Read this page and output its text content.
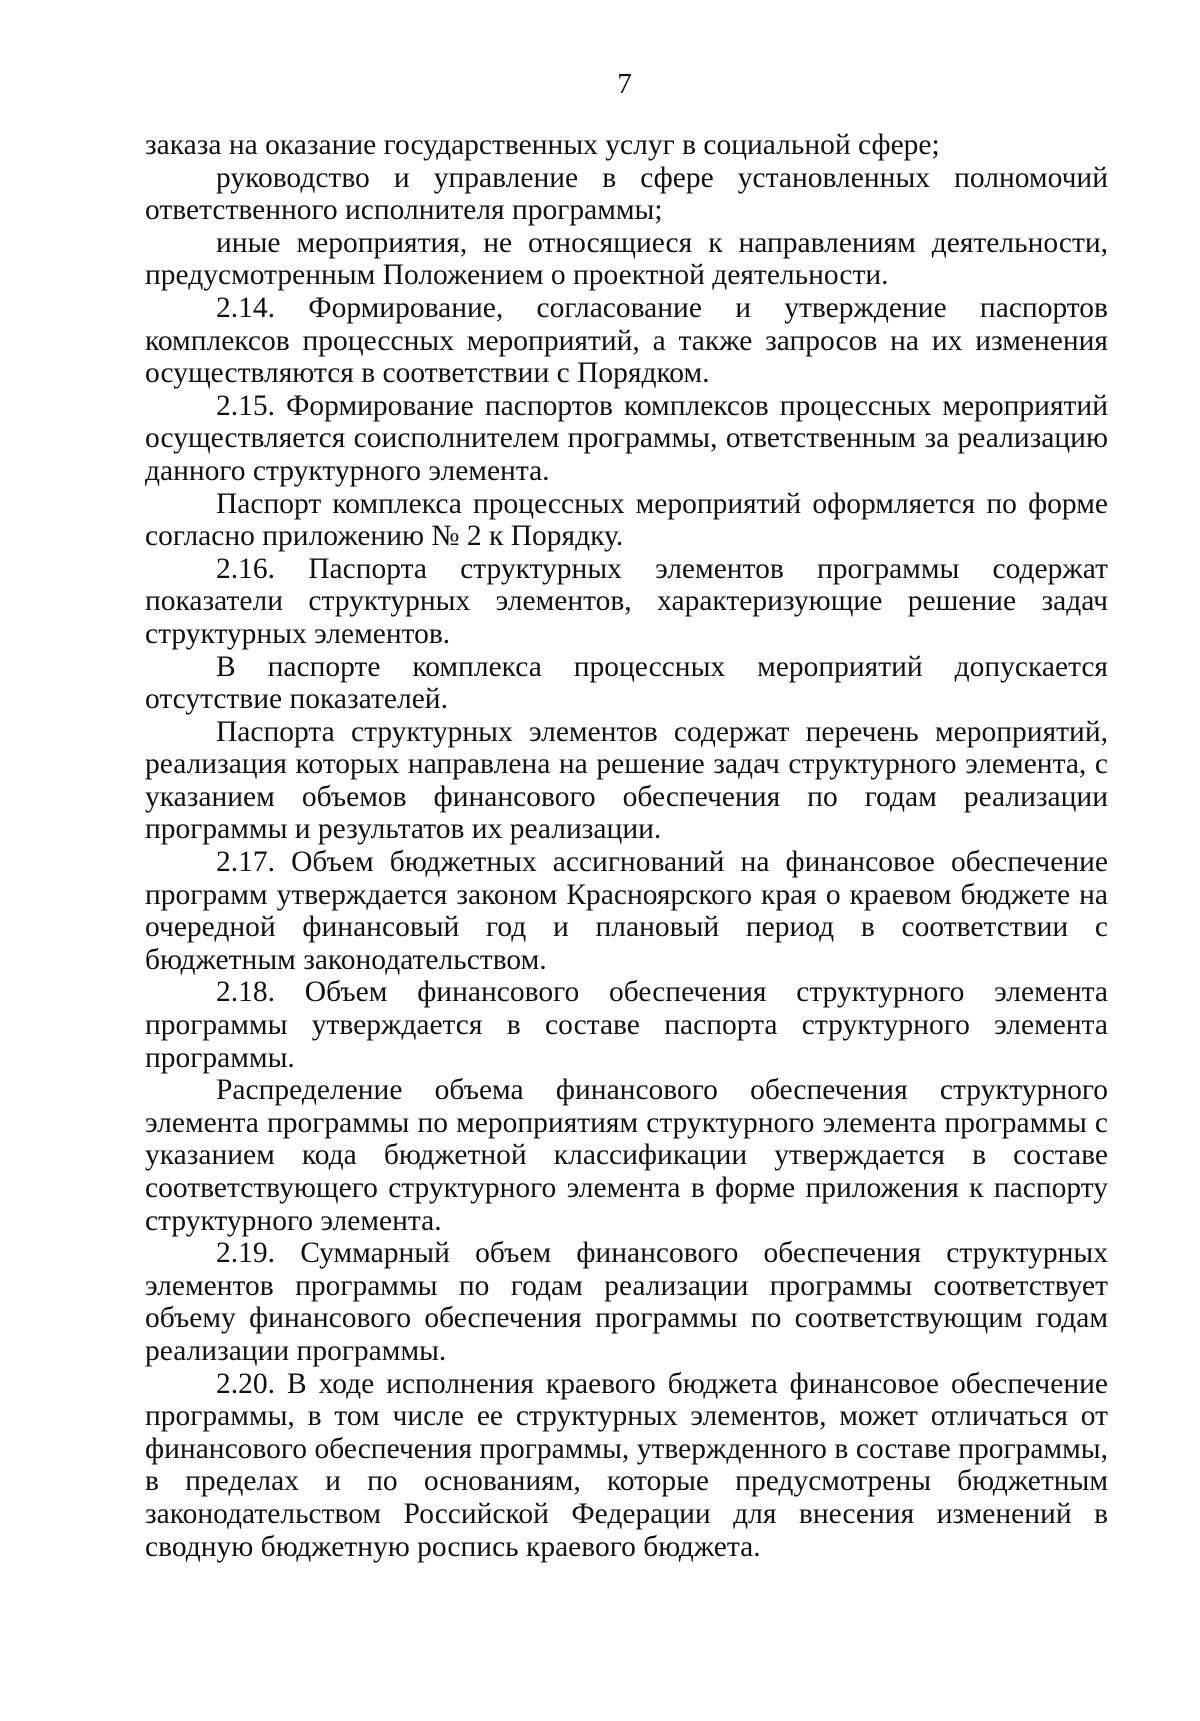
7

заказа на оказание государственных услуг в социальной сфере;

руководство и управление в сфере установленных полномочий ответственного исполнителя программы;

иные мероприятия, не относящиеся к направлениям деятельности, предусмотренным Положением о проектной деятельности.

2.14. Формирование, согласование и утверждение паспортов комплексов процессных мероприятий, а также запросов на их изменения осуществляются в соответствии с Порядком.

2.15. Формирование паспортов комплексов процессных мероприятий осуществляется соисполнителем программы, ответственным за реализацию данного структурного элемента.

Паспорт комплекса процессных мероприятий оформляется по форме согласно приложению № 2 к Порядку.

2.16. Паспорта структурных элементов программы содержат показатели структурных элементов, характеризующие решение задач структурных элементов.

В паспорте комплекса процессных мероприятий допускается отсутствие показателей.

Паспорта структурных элементов содержат перечень мероприятий, реализация которых направлена на решение задач структурного элемента, с указанием объемов финансового обеспечения по годам реализации программы и результатов их реализации.

2.17. Объем бюджетных ассигнований на финансовое обеспечение программ утверждается законом Красноярского края о краевом бюджете на очередной финансовый год и плановый период в соответствии с бюджетным законодательством.

2.18. Объем финансового обеспечения структурного элемента программы утверждается в составе паспорта структурного элемента программы.

Распределение объема финансового обеспечения структурного элемента программы по мероприятиям структурного элемента программы с указанием кода бюджетной классификации утверждается в составе соответствующего структурного элемента в форме приложения к паспорту структурного элемента.

2.19. Суммарный объем финансового обеспечения структурных элементов программы по годам реализации программы соответствует объему финансового обеспечения программы по соответствующим годам реализации программы.

2.20. В ходе исполнения краевого бюджета финансовое обеспечение программы, в том числе ее структурных элементов, может отличаться от финансового обеспечения программы, утвержденного в составе программы, в пределах и по основаниям, которые предусмотрены бюджетным законодательством Российской Федерации для внесения изменений в сводную бюджетную роспись краевого бюджета.
